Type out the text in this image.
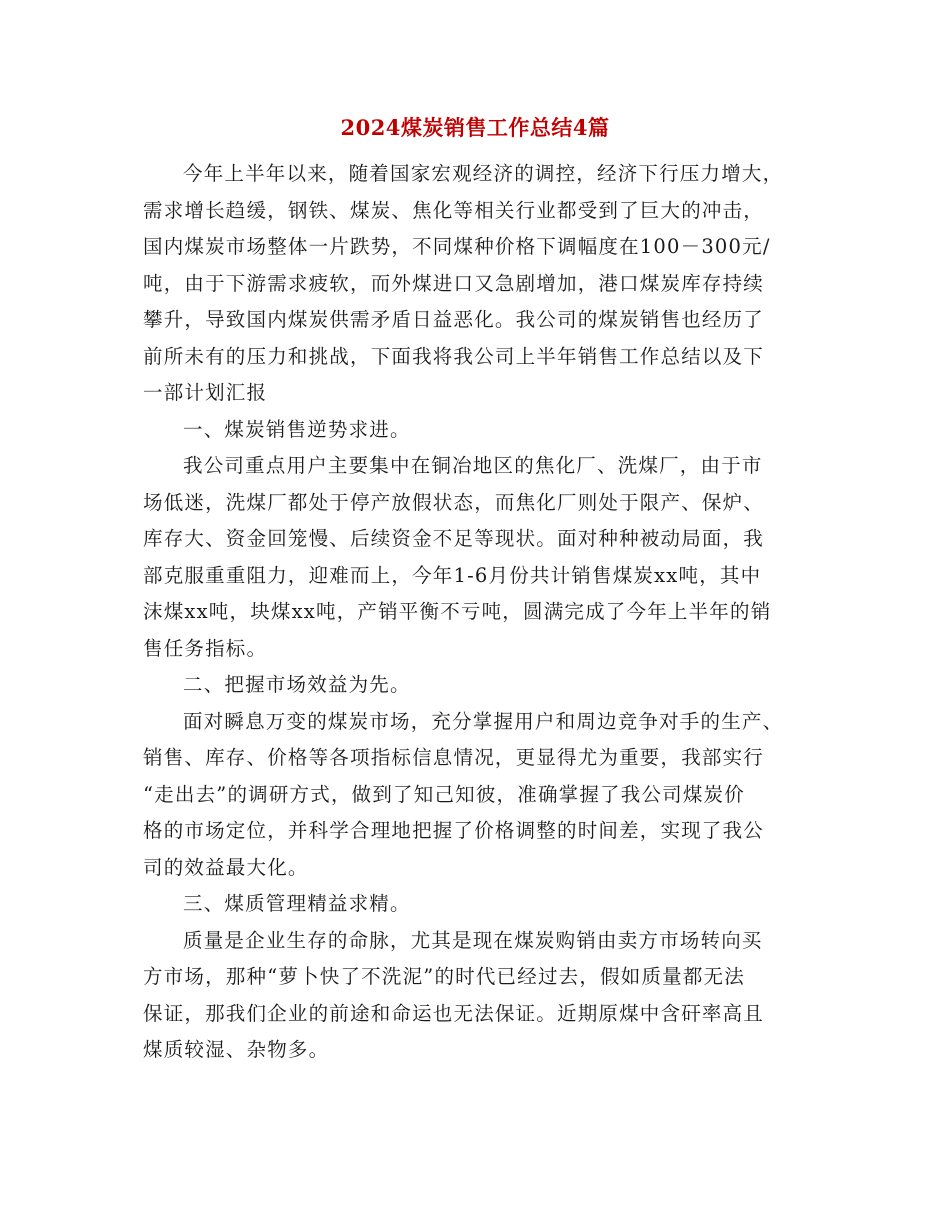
2024煤炭销售工作总结4篇
今年上半年以来，随着国家宏观经济的调控，经济下行压力增大，
需求增长趋缓，钢铁、煤炭、焦化等相关行业都受到了巨大的冲击，
国内煤炭市场整体一片跌势，不同煤种价格下调幅度在100－300元/
吨，由于下游需求疲软，而外煤进口又急剧增加，港口煤炭库存持续
攀升，导致国内煤炭供需矛盾日益恶化。我公司的煤炭销售也经历了
前所未有的压力和挑战，下面我将我公司上半年销售工作总结以及下
一部计划汇报
一、煤炭销售逆势求进。
我公司重点用户主要集中在铜冶地区的焦化厂、洗煤厂，由于市
场低迷，洗煤厂都处于停产放假状态，而焦化厂则处于限产、保炉、
库存大、资金回笼慢、后续资金不足等现状。面对种种被动局面，我
部克服重重阻力，迎难而上，今年1-6月份共计销售煤炭xx吨，其中
沫煤xx吨，块煤xx吨，产销平衡不亏吨，圆满完成了今年上半年的销
售任务指标。
二、把握市场效益为先。
面对瞬息万变的煤炭市场，充分掌握用户和周边竞争对手的生产、
销售、库存、价格等各项指标信息情况，更显得尤为重要，我部实行
“走出去”的调研方式，做到了知己知彼，准确掌握了我公司煤炭价
格的市场定位，并科学合理地把握了价格调整的时间差，实现了我公
司的效益最大化。
三、煤质管理精益求精。
质量是企业生存的命脉，尤其是现在煤炭购销由卖方市场转向买
方市场，那种“萝卜快了不洗泥”的时代已经过去，假如质量都无法
保证，那我们企业的前途和命运也无法保证。近期原煤中含矸率高且
煤质较湿、杂物多。
